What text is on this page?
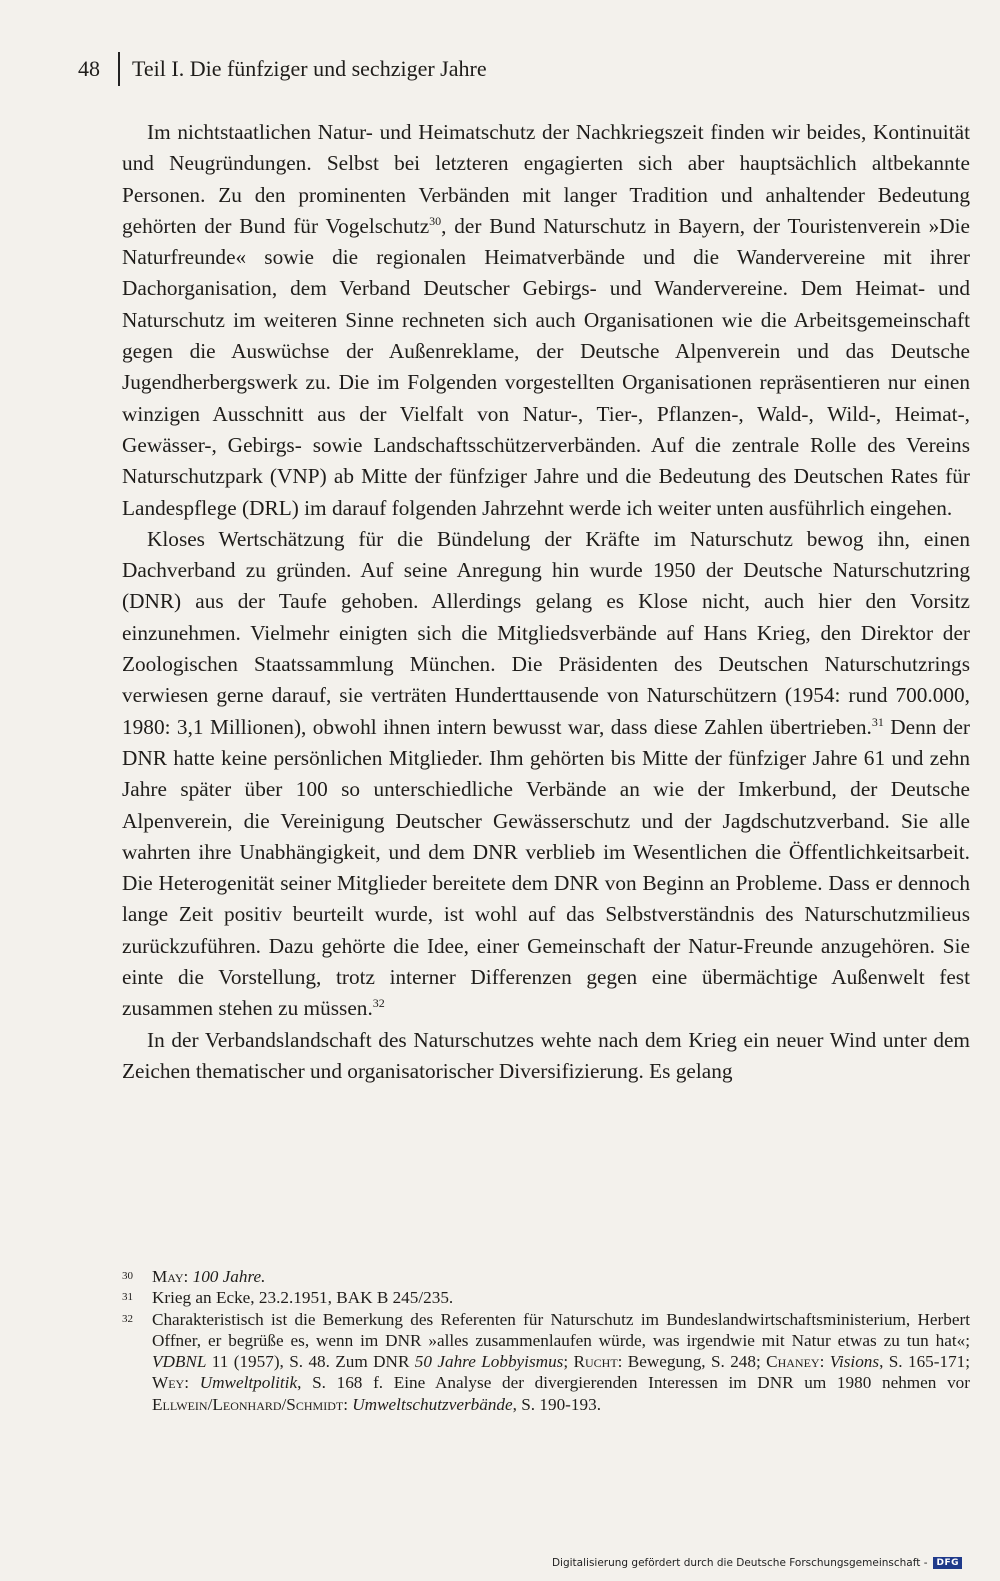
48	Teil I. Die fünfziger und sechziger Jahre

Im nichtstaatlichen Natur- und Heimatschutz der Nachkriegszeit finden wir beides, Kontinuität und Neugründungen. Selbst bei letzteren engagierten sich aber hauptsächlich altbekannte Personen. Zu den prominenten Verbänden mit langer Tradition und anhaltender Bedeutung gehörten der Bund für Vogelschutz$^{30}$, der Bund Naturschutz in Bayern, der Touristenverein »Die Naturfreunde« sowie die regionalen Heimatverbände und die Wandervereine mit ihrer Dachorganisation, dem Verband Deutscher Gebirgs- und Wandervereine. Dem Heimat- und Naturschutz im weiteren Sinne rechneten sich auch Organisationen wie die Arbeitsgemeinschaft gegen die Auswüchse der Außenreklame, der Deutsche Alpenverein und das Deutsche Jugendherbergswerk zu. Die im Folgenden vorgestellten Organisationen repräsentieren nur einen winzigen Ausschnitt aus der Vielfalt von Natur-, Tier-, Pflanzen-, Wald-, Wild-, Heimat-, Gewässer-, Gebirgs- sowie Landschaftsschützerverbänden. Auf die zentrale Rolle des Vereins Naturschutzpark (VNP) ab Mitte der fünfziger Jahre und die Bedeutung des Deutschen Rates für Landespflege (DRL) im darauf folgenden Jahrzehnt werde ich weiter unten ausführlich eingehen.

Kloses Wertschätzung für die Bündelung der Kräfte im Naturschutz bewog ihn, einen Dachverband zu gründen. Auf seine Anregung hin wurde 1950 der Deutsche Naturschutzring (DNR) aus der Taufe gehoben. Allerdings gelang es Klose nicht, auch hier den Vorsitz einzunehmen. Vielmehr einigten sich die Mitgliedsverbände auf Hans Krieg, den Direktor der Zoologischen Staatssammlung München. Die Präsidenten des Deutschen Naturschutzrings verwiesen gerne darauf, sie verträten Hunderttausende von Naturschützern (1954: rund 700.000, 1980: 3,1 Millionen), obwohl ihnen intern bewusst war, dass diese Zahlen übertrieben.$^{31}$ Denn der DNR hatte keine persönlichen Mitglieder. Ihm gehörten bis Mitte der fünfziger Jahre 61 und zehn Jahre später über 100 so unterschiedliche Verbände an wie der Imkerbund, der Deutsche Alpenverein, die Vereinigung Deutscher Gewässerschutz und der Jagdschutzverband. Sie alle wahrten ihre Unabhängigkeit, und dem DNR verblieb im Wesentlichen die Öffentlichkeitsarbeit. Die Heterogenität seiner Mitglieder bereitete dem DNR von Beginn an Probleme. Dass er dennoch lange Zeit positiv beurteilt wurde, ist wohl auf das Selbstverständnis des Naturschutzmilieus zurückzuführen. Dazu gehörte die Idee, einer Gemeinschaft der Natur-Freunde anzugehören. Sie einte die Vorstellung, trotz interner Differenzen gegen eine übermächtige Außenwelt fest zusammen stehen zu müssen.$^{32}$

In der Verbandslandschaft des Naturschutzes wehte nach dem Krieg ein neuer Wind unter dem Zeichen thematischer und organisatorischer Diversifizierung. Es gelang

30	May: 100 Jahre.
31	Krieg an Ecke, 23.2.1951, BAK B 245/235.
32	Charakteristisch ist die Bemerkung des Referenten für Naturschutz im Bundeslandwirtschaftsministerium, Herbert Offner, er begrüße es, wenn im DNR »alles zusammenlaufen würde, was irgendwie mit Natur etwas zu tun hat«; VDBNL 11 (1957), S. 48. Zum DNR 50 Jahre Lobbyismus; Rucht: Bewegung, S. 248; Chaney: Visions, S. 165-171; Wey: Umweltpolitik, S. 168 f. Eine Analyse der divergierenden Interessen im DNR um 1980 nehmen vor Ellwein/Leonhard/Schmidt: Umweltschutzverbände, S. 190-193.
Digitalisierung gefördert durch die Deutsche Forschungsgemeinschaft -	DFG
